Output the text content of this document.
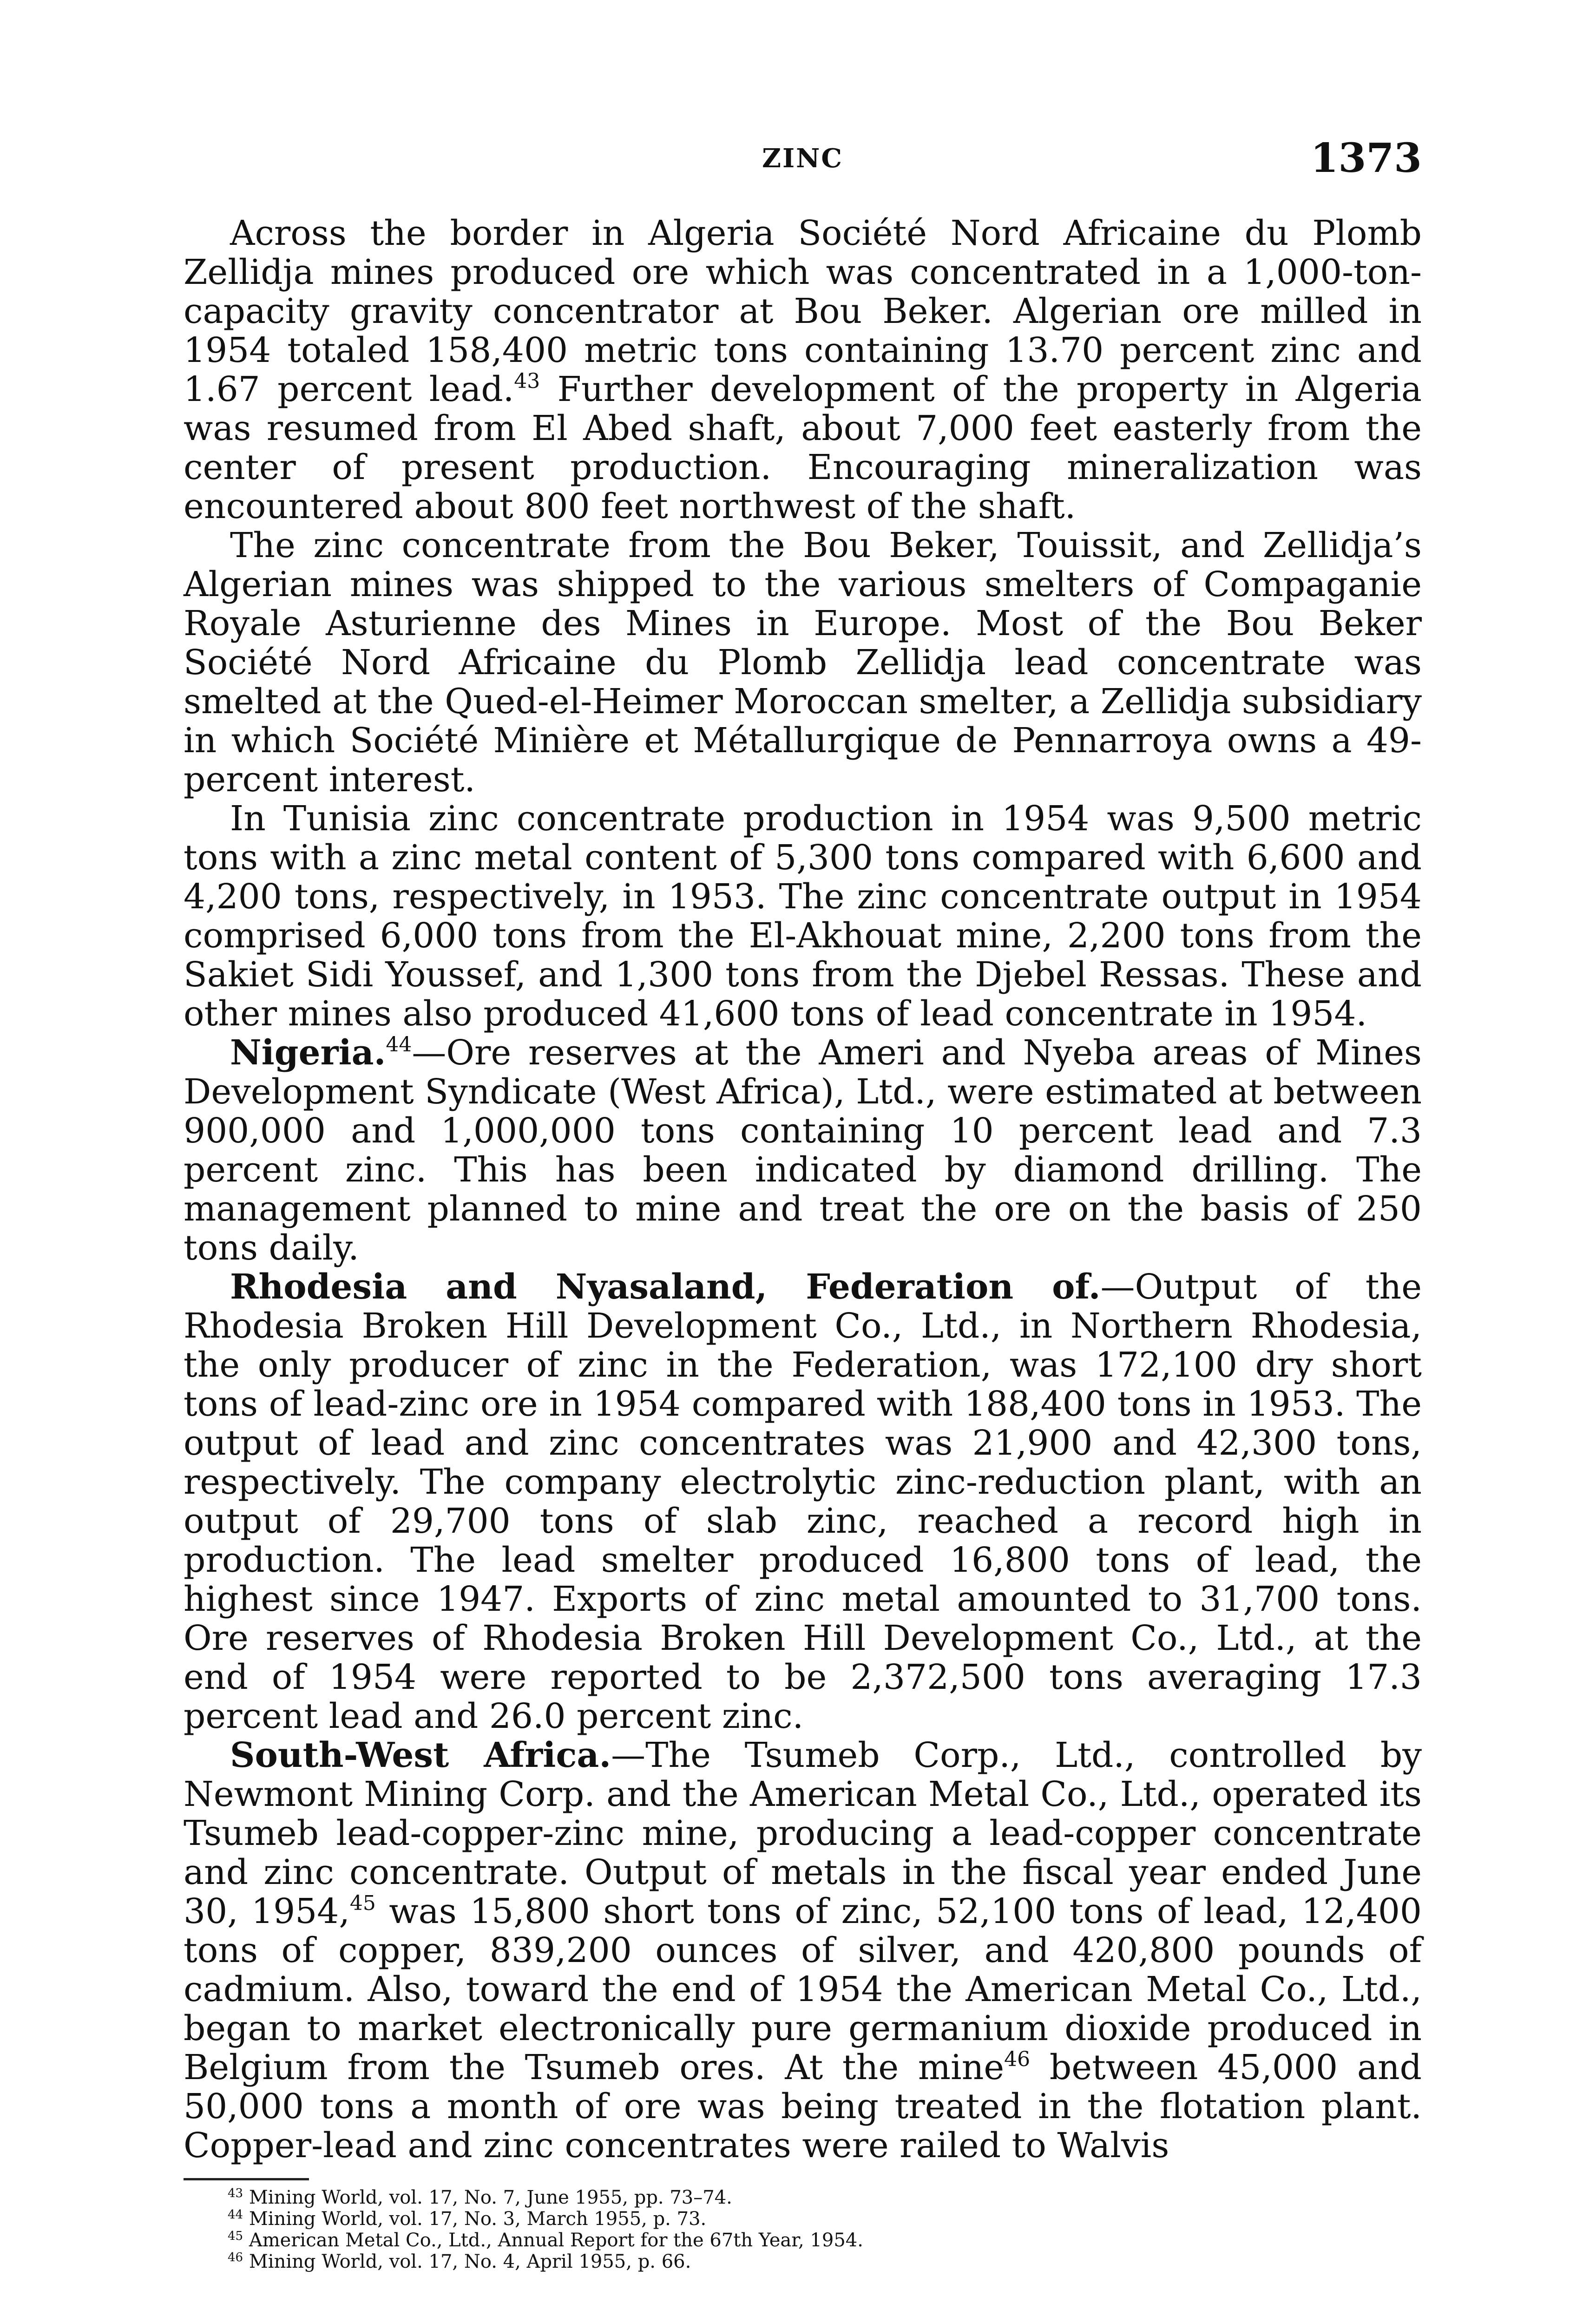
ZINC	1373

Across the border in Algeria Société Nord Africaine du Plomb Zellidja mines produced ore which was concentrated in a 1,000-ton-capacity gravity concentrator at Bou Beker. Algerian ore milled in 1954 totaled 158,400 metric tons containing 13.70 percent zinc and 1.67 percent lead.$^{43}$ Further development of the property in Algeria was resumed from El Abed shaft, about 7,000 feet easterly from the center of present production. Encouraging mineralization was encountered about 800 feet northwest of the shaft.

The zinc concentrate from the Bou Beker, Touissit, and Zellidja’s Algerian mines was shipped to the various smelters of Compaganie Royale Asturienne des Mines in Europe. Most of the Bou Beker Société Nord Africaine du Plomb Zellidja lead concentrate was smelted at the Qued-el-Heimer Moroccan smelter, a Zellidja subsidiary in which Société Minière et Métallurgique de Pennarroya owns a 49-percent interest.

In Tunisia zinc concentrate production in 1954 was 9,500 metric tons with a zinc metal content of 5,300 tons compared with 6,600 and 4,200 tons, respectively, in 1953. The zinc concentrate output in 1954 comprised 6,000 tons from the El-Akhouat mine, 2,200 tons from the Sakiet Sidi Youssef, and 1,300 tons from the Djebel Ressas. These and other mines also produced 41,600 tons of lead concentrate in 1954.

Nigeria.$^{44}$—Ore reserves at the Ameri and Nyeba areas of Mines Development Syndicate (West Africa), Ltd., were estimated at between 900,000 and 1,000,000 tons containing 10 percent lead and 7.3 percent zinc. This has been indicated by diamond drilling. The management planned to mine and treat the ore on the basis of 250 tons daily.

Rhodesia and Nyasaland, Federation of.—Output of the Rhodesia Broken Hill Development Co., Ltd., in Northern Rhodesia, the only producer of zinc in the Federation, was 172,100 dry short tons of lead-zinc ore in 1954 compared with 188,400 tons in 1953. The output of lead and zinc concentrates was 21,900 and 42,300 tons, respectively. The company electrolytic zinc-reduction plant, with an output of 29,700 tons of slab zinc, reached a record high in production. The lead smelter produced 16,800 tons of lead, the highest since 1947. Exports of zinc metal amounted to 31,700 tons. Ore reserves of Rhodesia Broken Hill Development Co., Ltd., at the end of 1954 were reported to be 2,372,500 tons averaging 17.3 percent lead and 26.0 percent zinc.

South-West Africa.—The Tsumeb Corp., Ltd., controlled by Newmont Mining Corp. and the American Metal Co., Ltd., operated its Tsumeb lead-copper-zinc mine, producing a lead-copper concentrate and zinc concentrate. Output of metals in the fiscal year ended June 30, 1954,45 was 15,800 short tons of zinc, 52,100 tons of lead, 12,400 tons of copper, 839,200 ounces of silver, and 420,800 pounds of cadmium. Also, toward the end of 1954 the American Metal Co., Ltd., began to market electronically pure germanium dioxide produced in Belgium from the Tsumeb ores. At the mine$^{46}$ between 45,000 and 50,000 tons a month of ore was being treated in the flotation plant. Copper-lead and zinc concentrates were railed to Walvis

$^{43}$ Mining World, vol. 17, No. 7, June 1955, pp. 73–74.

$^{44}$ Mining World, vol. 17, No. 3, March 1955, p. 73.

$^{45}$ American Metal Co., Ltd., Annual Report for the 67th Year, 1954.

$^{46}$ Mining World, vol. 17, No. 4, April 1955, p. 66.
